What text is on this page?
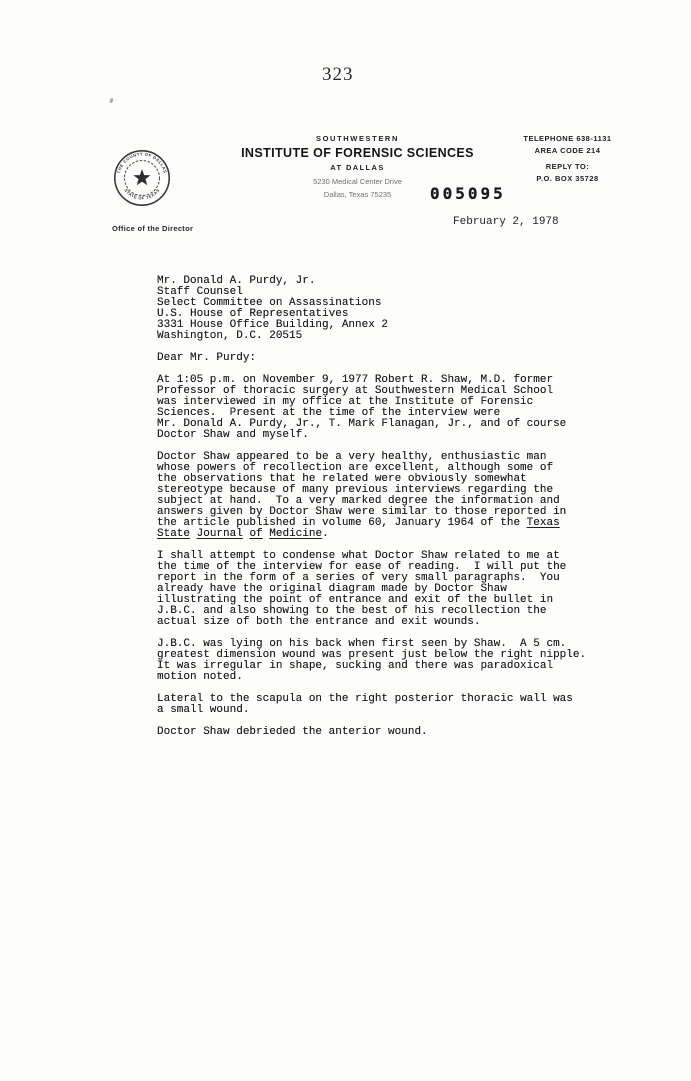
323
THE COUNTY OF DALLAS
STATE OF TEXAS
SOUTHWESTERN
INSTITUTE OF FORENSIC SCIENCES
AT DALLAS
5230 Medical Center Drive
Dallas, Texas 75235
TELEPHONE 638-1131
AREA CODE 214
REPLY TO:
P.O. BOX 35728
Office of the Director
005095
February 2, 1978
Mr. Donald A. Purdy, Jr.
Staff Counsel
Select Committee on Assassinations
U.S. House of Representatives
3331 House Office Building, Annex 2
Washington, D.C. 20515
Dear Mr. Purdy:
At 1:05 p.m. on November 9, 1977 Robert R. Shaw, M.D. former
Professor of thoracic surgery at Southwestern Medical School
was interviewed in my office at the Institute of Forensic
Sciences.  Present at the time of the interview were
Mr. Donald A. Purdy, Jr., T. Mark Flanagan, Jr., and of course
Doctor Shaw and myself.
Doctor Shaw appeared to be a very healthy, enthusiastic man
whose powers of recollection are excellent, although some of
the observations that he related were obviously somewhat
stereotype because of many previous interviews regarding the
subject at hand.  To a very marked degree the information and
answers given by Doctor Shaw were similar to those reported in
the article published in volume 60, January 1964 of the Texas
State Journal of Medicine.
I shall attempt to condense what Doctor Shaw related to me at
the time of the interview for ease of reading.  I will put the
report in the form of a series of very small paragraphs.  You
already have the original diagram made by Doctor Shaw
illustrating the point of entrance and exit of the bullet in
J.B.C. and also showing to the best of his recollection the
actual size of both the entrance and exit wounds.
J.B.C. was lying on his back when first seen by Shaw.  A 5 cm.
greatest dimension wound was present just below the right nipple.
It was irregular in shape, sucking and there was paradoxical
motion noted.
Lateral to the scapula on the right posterior thoracic wall was
a small wound.
Doctor Shaw debrieded the anterior wound.
